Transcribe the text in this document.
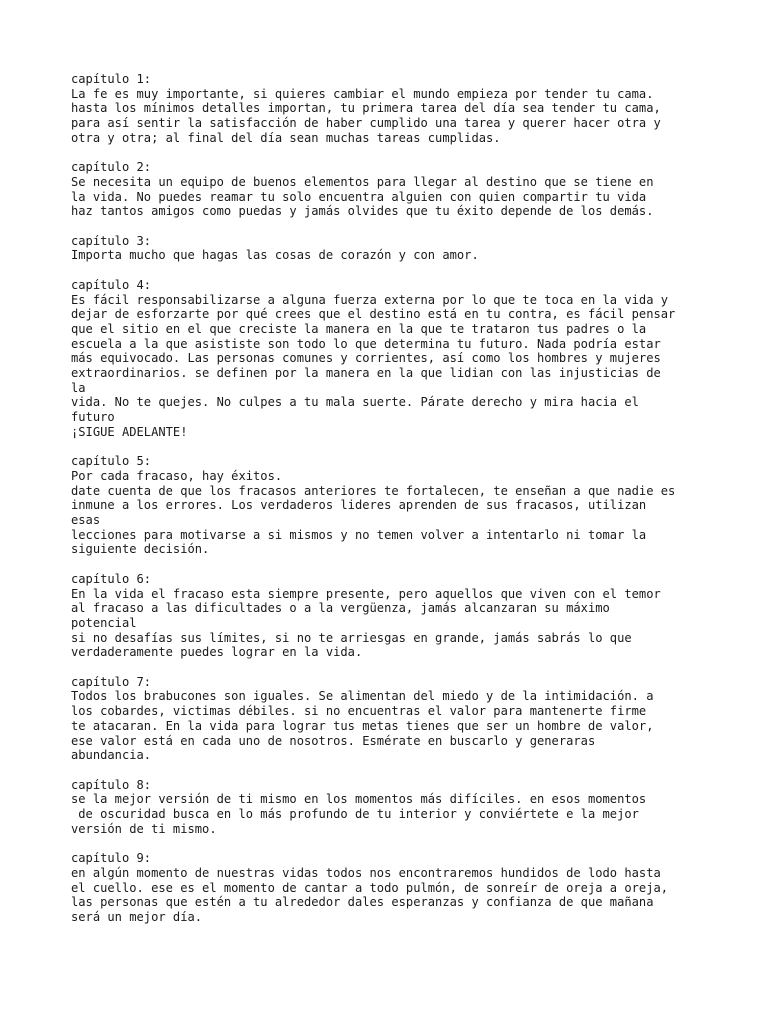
capítulo 1:
La fe es muy importante, si quieres cambiar el mundo empieza por tender tu cama.
hasta los mínimos detalles importan, tu primera tarea del día sea tender tu cama,
para así sentir la satisfacción de haber cumplido una tarea y querer hacer otra y
otra y otra; al final del día sean muchas tareas cumplidas.
capítulo 2:
Se necesita un equipo de buenos elementos para llegar al destino que se tiene en
la vida. No puedes reamar tu solo encuentra alguien con quien compartir tu vida
haz tantos amigos como puedas y jamás olvides que tu éxito depende de los demás.
capítulo 3:
Importa mucho que hagas las cosas de corazón y con amor.
capítulo 4:
Es fácil responsabilizarse a alguna fuerza externa por lo que te toca en la vida y
dejar de esforzarte por qué crees que el destino está en tu contra, es fácil pensar
que el sitio en el que creciste la manera en la que te trataron tus padres o la
escuela a la que asististe son todo lo que determina tu futuro. Nada podría estar
más equivocado. Las personas comunes y corrientes, así como los hombres y mujeres
extraordinarios. se definen por la manera en la que lidian con las injusticias de
la
vida. No te quejes. No culpes a tu mala suerte. Párate derecho y mira hacia el
futuro
¡SIGUE ADELANTE!
capítulo 5:
Por cada fracaso, hay éxitos.
date cuenta de que los fracasos anteriores te fortalecen, te enseñan a que nadie es
inmune a los errores. Los verdaderos lideres aprenden de sus fracasos, utilizan
esas
lecciones para motivarse a si mismos y no temen volver a intentarlo ni tomar la
siguiente decisión.
capítulo 6:
En la vida el fracaso esta siempre presente, pero aquellos que viven con el temor
al fracaso a las dificultades o a la vergüenza, jamás alcanzaran su máximo
potencial
si no desafías sus límites, si no te arriesgas en grande, jamás sabrás lo que
verdaderamente puedes lograr en la vida.
capítulo 7:
Todos los brabucones son iguales. Se alimentan del miedo y de la intimidación. a
los cobardes, victimas débiles. si no encuentras el valor para mantenerte firme
te atacaran. En la vida para lograr tus metas tienes que ser un hombre de valor,
ese valor está en cada uno de nosotros. Esmérate en buscarlo y generaras
abundancia.
capítulo 8:
se la mejor versión de ti mismo en los momentos más difíciles. en esos momentos
de oscuridad busca en lo más profundo de tu interior y conviértete e la mejor
versión de ti mismo.
capítulo 9:
en algún momento de nuestras vidas todos nos encontraremos hundidos de lodo hasta
el cuello. ese es el momento de cantar a todo pulmón, de sonreír de oreja a oreja,
las personas que estén a tu alrededor dales esperanzas y confianza de que mañana
será un mejor día.
